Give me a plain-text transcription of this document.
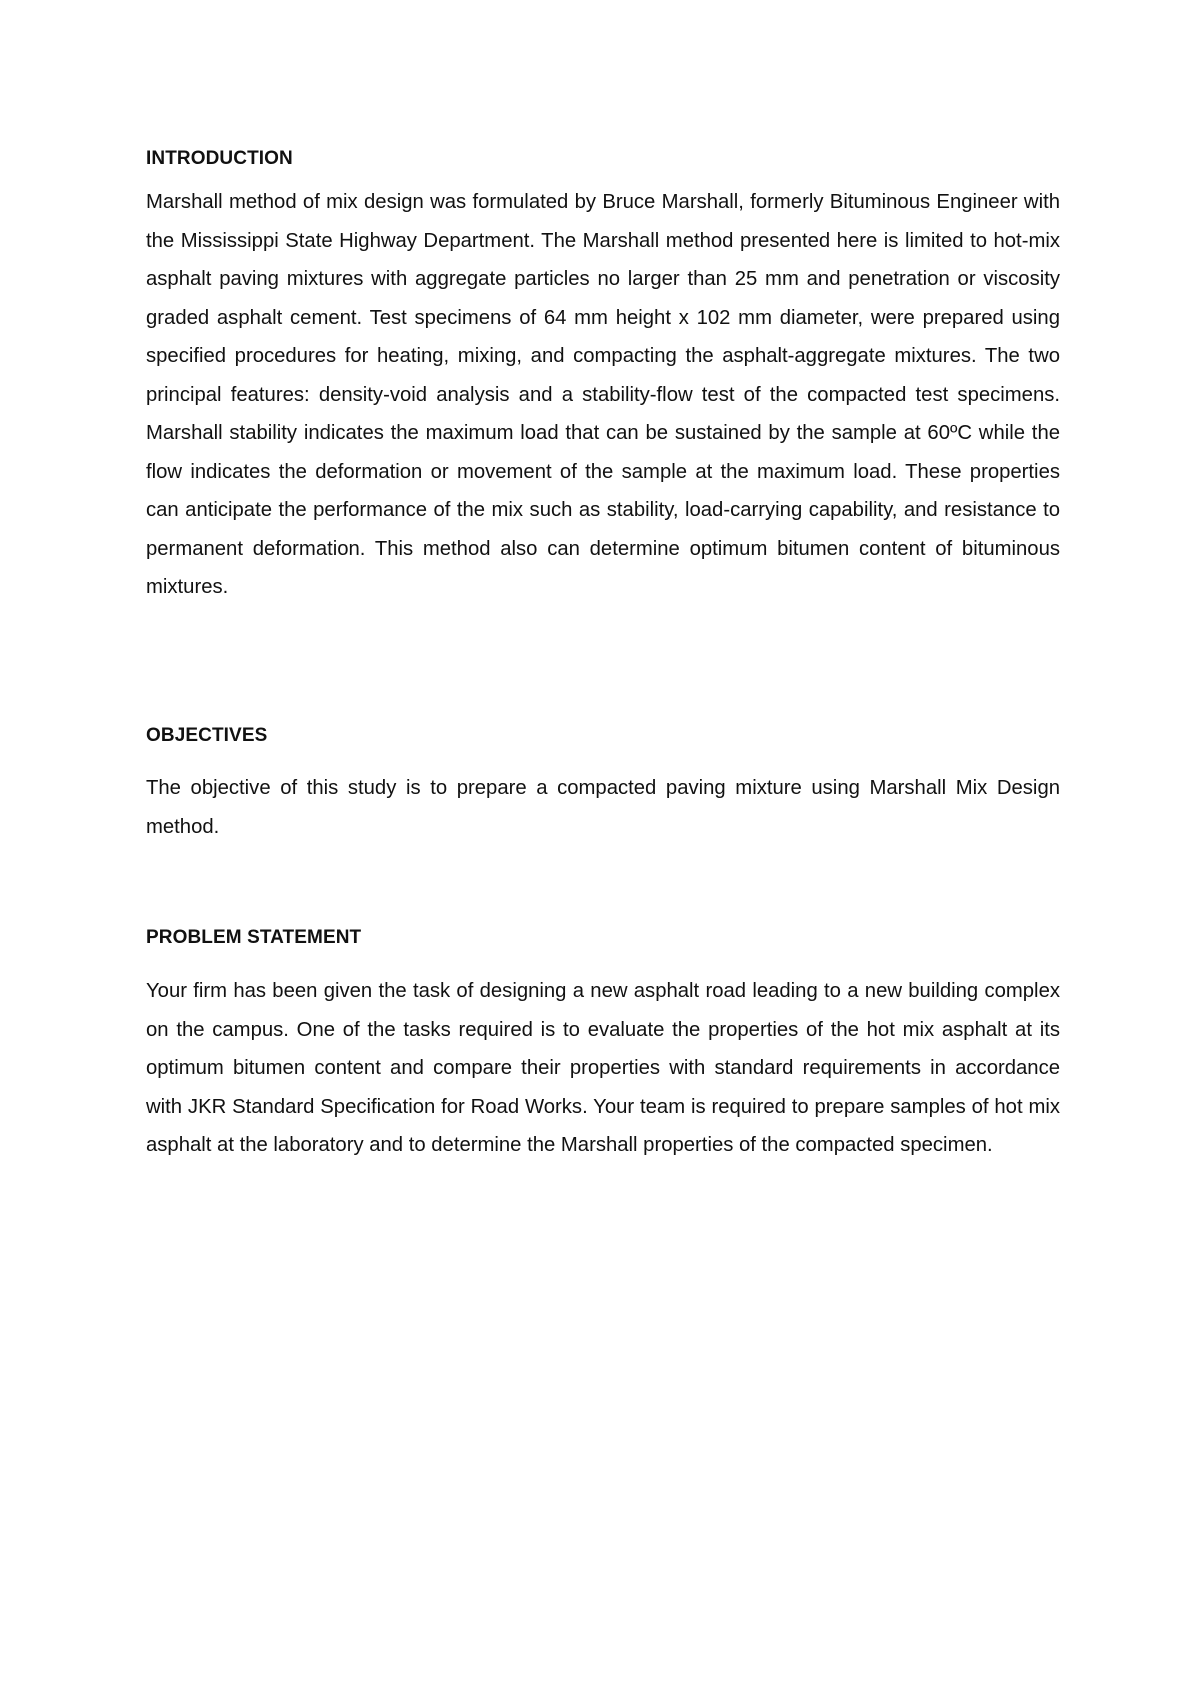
INTRODUCTION

Marshall method of mix design was formulated by Bruce Marshall, formerly Bituminous Engineer with the Mississippi State Highway Department. The Marshall method presented here is limited to hot-mix asphalt paving mixtures with aggregate particles no larger than 25 mm and penetration or viscosity graded asphalt cement. Test specimens of 64 mm height x 102 mm diameter, were prepared using specified procedures for heating, mixing, and compacting the asphalt-aggregate mixtures. The two principal features: density-void analysis and a stability-flow test of the compacted test specimens. Marshall stability indicates the maximum load that can be sustained by the sample at 60ºC while the flow indicates the deformation or movement of the sample at the maximum load. These properties can anticipate the performance of the mix such as stability, load-carrying capability, and resistance to permanent deformation. This method also can determine optimum bitumen content of bituminous mixtures.

OBJECTIVES

The objective of this study is to prepare a compacted paving mixture using Marshall Mix Design method.

PROBLEM STATEMENT

Your firm has been given the task of designing a new asphalt road leading to a new building complex on the campus. One of the tasks required is to evaluate the properties of the hot mix asphalt at its optimum bitumen content and compare their properties with standard requirements in accordance with JKR Standard Specification for Road Works. Your team is required to prepare samples of hot mix asphalt at the laboratory and to determine the Marshall properties of the compacted specimen.
